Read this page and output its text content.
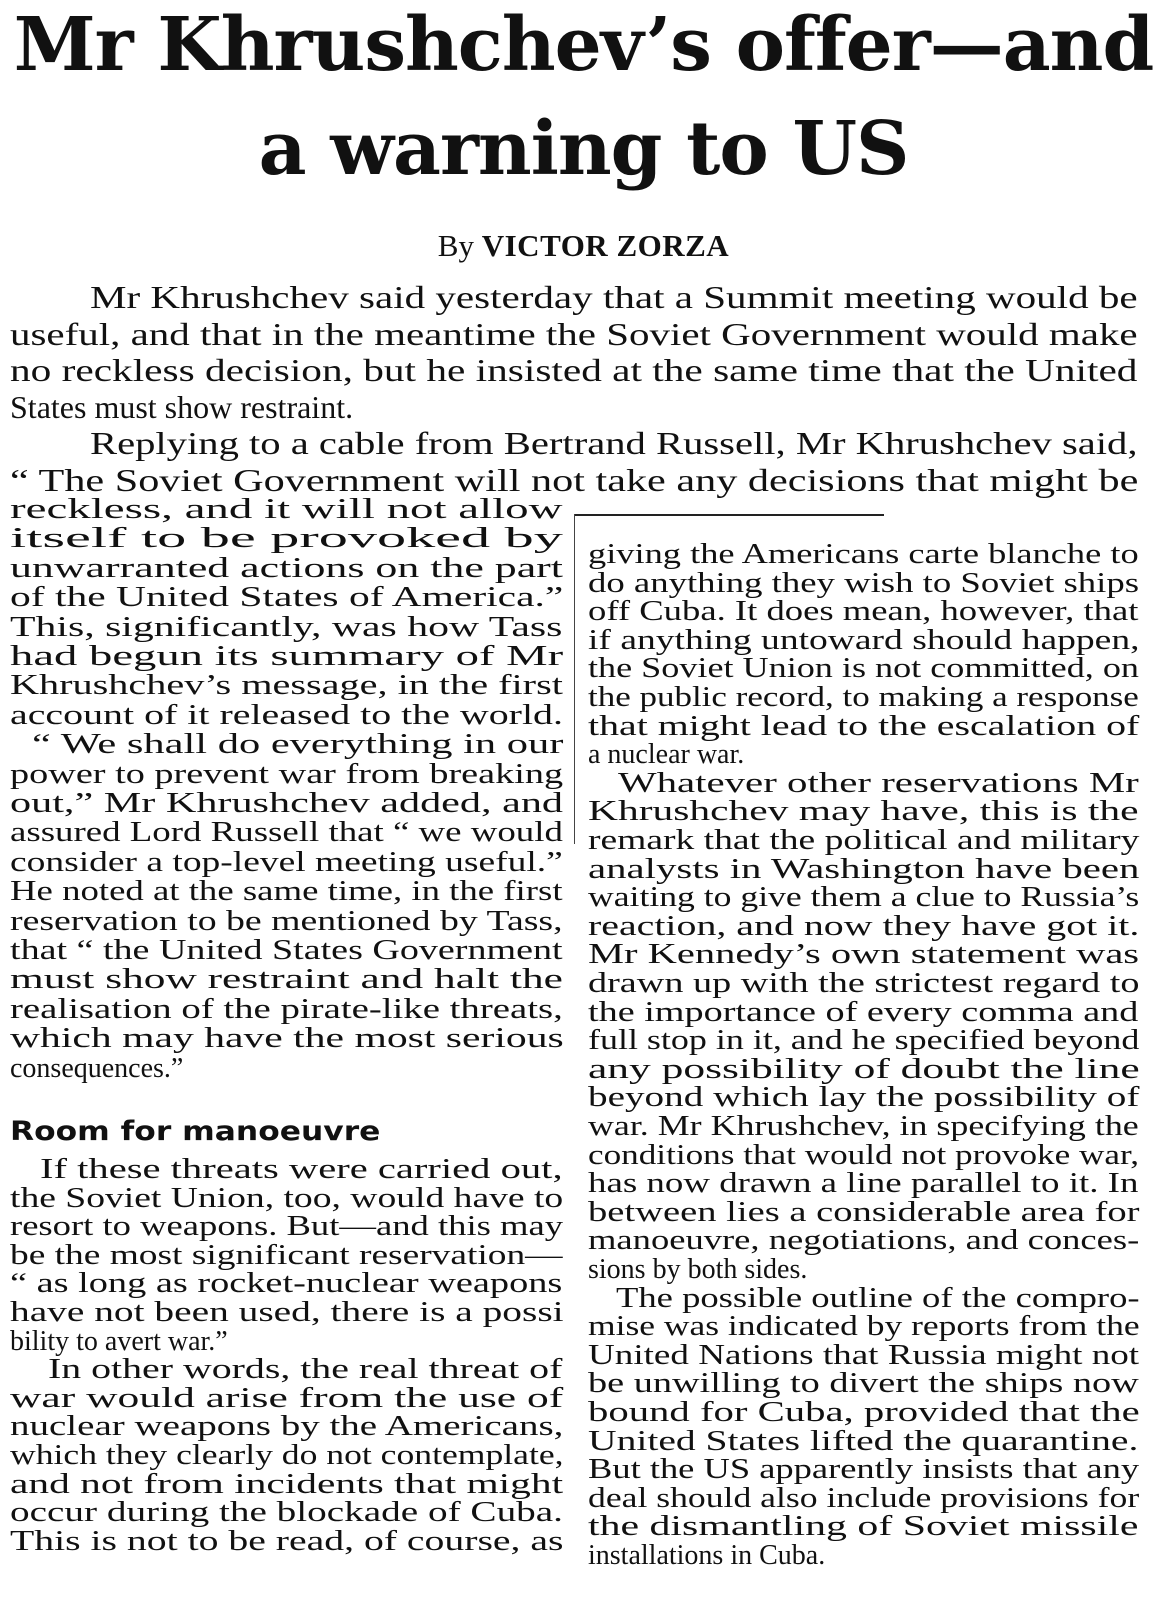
Mr Khrushchev’s offer—and
a warning to US
By VICTOR ZORZA
Mr Khrushchev said yesterday that a Summit meeting would be
useful, and that in the meantime the Soviet Government would make
no reckless decision, but he insisted at the same time that the United
States must show restraint.
Replying to a cable from Bertrand Russell, Mr Khrushchev said,
“ The Soviet Government will not take any decisions that might be
reckless, and it will not allow
itself to be provoked by
unwarranted actions on the part
of the United States of America.”
This, significantly, was how Tass
had begun its summary of Mr
Khrushchev’s message, in the first
account of it released to the world.
“ We shall do everything in our
power to prevent war from breaking
out,” Mr Khrushchev added, and
assured Lord Russell that “ we would
consider a top-level meeting useful.”
He noted at the same time, in the first
reservation to be mentioned by Tass,
that “ the United States Government
must show restraint and halt the
realisation of the pirate-like threats,
which may have the most serious
consequences.”
Room for manoeuvre
If these threats were carried out,
the Soviet Union, too, would have to
resort to weapons. But—and this may
be the most significant reservation—
“ as long as rocket-nuclear weapons
have not been used, there is a possi
bility to avert war.”
In other words, the real threat of
war would arise from the use of
nuclear weapons by the Americans,
which they clearly do not contemplate,
and not from incidents that might
occur during the blockade of Cuba.
This is not to be read, of course, as
giving the Americans carte blanche to
do anything they wish to Soviet ships
off Cuba. It does mean, however, that
if anything untoward should happen,
the Soviet Union is not committed, on
the public record, to making a response
that might lead to the escalation of
a nuclear war.
Whatever other reservations Mr
Khrushchev may have, this is the
remark that the political and military
analysts in Washington have been
waiting to give them a clue to Russia’s
reaction, and now they have got it.
Mr Kennedy’s own statement was
drawn up with the strictest regard to
the importance of every comma and
full stop in it, and he specified beyond
any possibility of doubt the line
beyond which lay the possibility of
war. Mr Khrushchev, in specifying the
conditions that would not provoke war,
has now drawn a line parallel to it. In
between lies a considerable area for
manoeuvre, negotiations, and conces-
sions by both sides.
The possible outline of the compro-
mise was indicated by reports from the
United Nations that Russia might not
be unwilling to divert the ships now
bound for Cuba, provided that the
United States lifted the quarantine.
But the US apparently insists that any
deal should also include provisions for
the dismantling of Soviet missile
installations in Cuba.
